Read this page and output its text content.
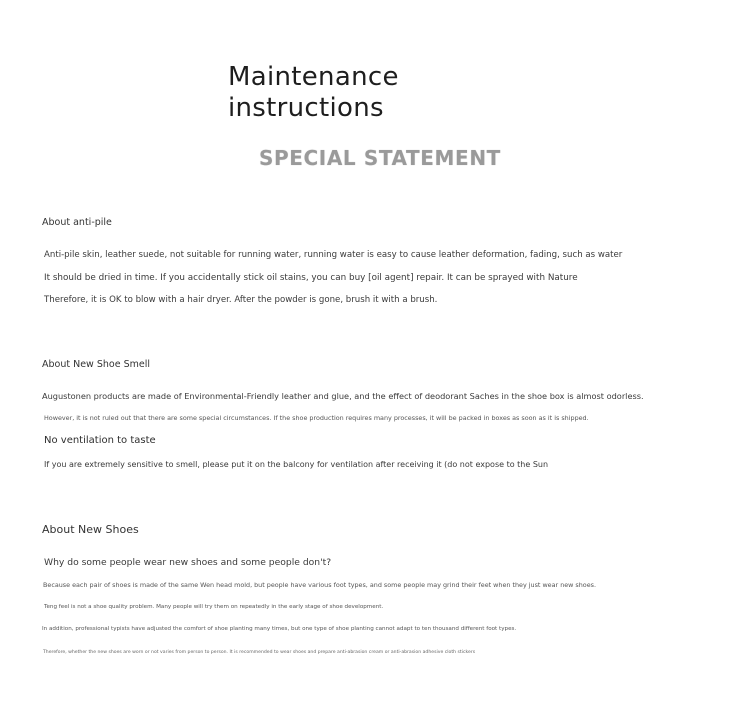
Maintenance instructions
SPECIAL STATEMENT
About anti-pile
Anti-pile skin, leather suede, not suitable for running water, running water is easy to cause leather deformation, fading, such as water
It should be dried in time. If you accidentally stick oil stains, you can buy [oil agent] repair. It can be sprayed with Nature
Therefore, it is OK to blow with a hair dryer. After the powder is gone, brush it with a brush.
About New Shoe Smell
Augustonen products are made of Environmental-Friendly leather and glue, and the effect of deodorant Saches in the shoe box is almost odorless.
However, it is not ruled out that there are some special circumstances. If the shoe production requires many processes, it will be packed in boxes as soon as it is shipped.
No ventilation to taste
If you are extremely sensitive to smell, please put it on the balcony for ventilation after receiving it (do not expose to the Sun
About New Shoes
Why do some people wear new shoes and some people don't?
Because each pair of shoes is made of the same Wen head mold, but people have various foot types, and some people may grind their feet when they just wear new shoes.
Teng feel is not a shoe quality problem. Many people will try them on repeatedly in the early stage of shoe development.
In addition, professional typists have adjusted the comfort of shoe planting many times, but one type of shoe planting cannot adapt to ten thousand different foot types.
Therefore, whether the new shoes are worn or not varies from person to person. It is recommended to wear shoes and prepare anti-abrasion cream or anti-abrasion adhesive cloth stickers
